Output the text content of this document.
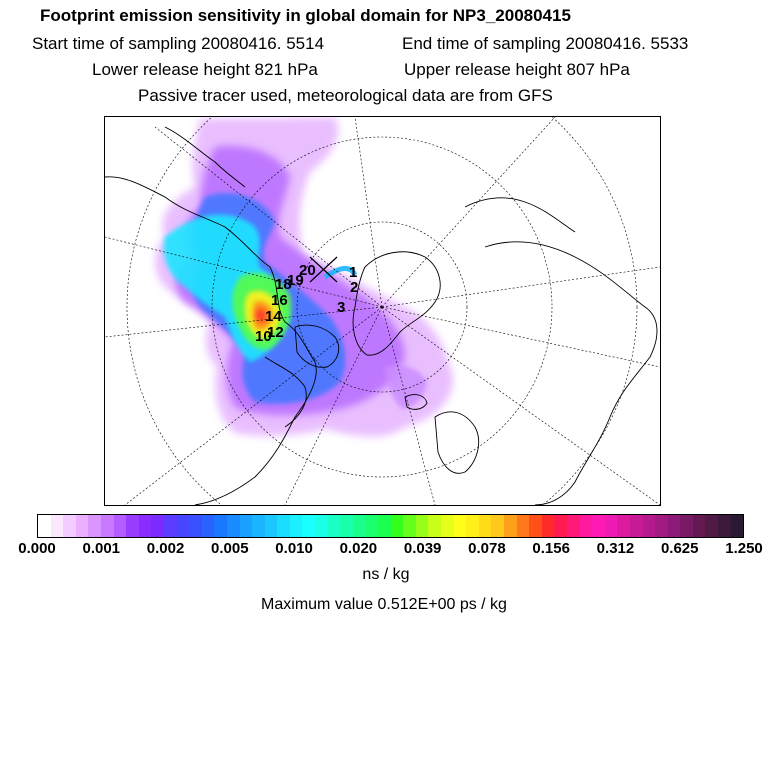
Footprint emission sensitivity in global domain for NP3_20080415
Start time of sampling 20080416. 5514	End time of sampling 20080416. 5533
Lower release height 821 hPa	Upper release height 807 hPa
Passive tracer used, meteorological data are from GFS
20
19	1
2
3
18
16
14
12
10
0.000 0.001 0.002 0.005 0.010 0.020 0.039 0.078 0.156 0.312 0.625 1.250
ns / kg
Maximum value 0.512E+00 ps / kg
